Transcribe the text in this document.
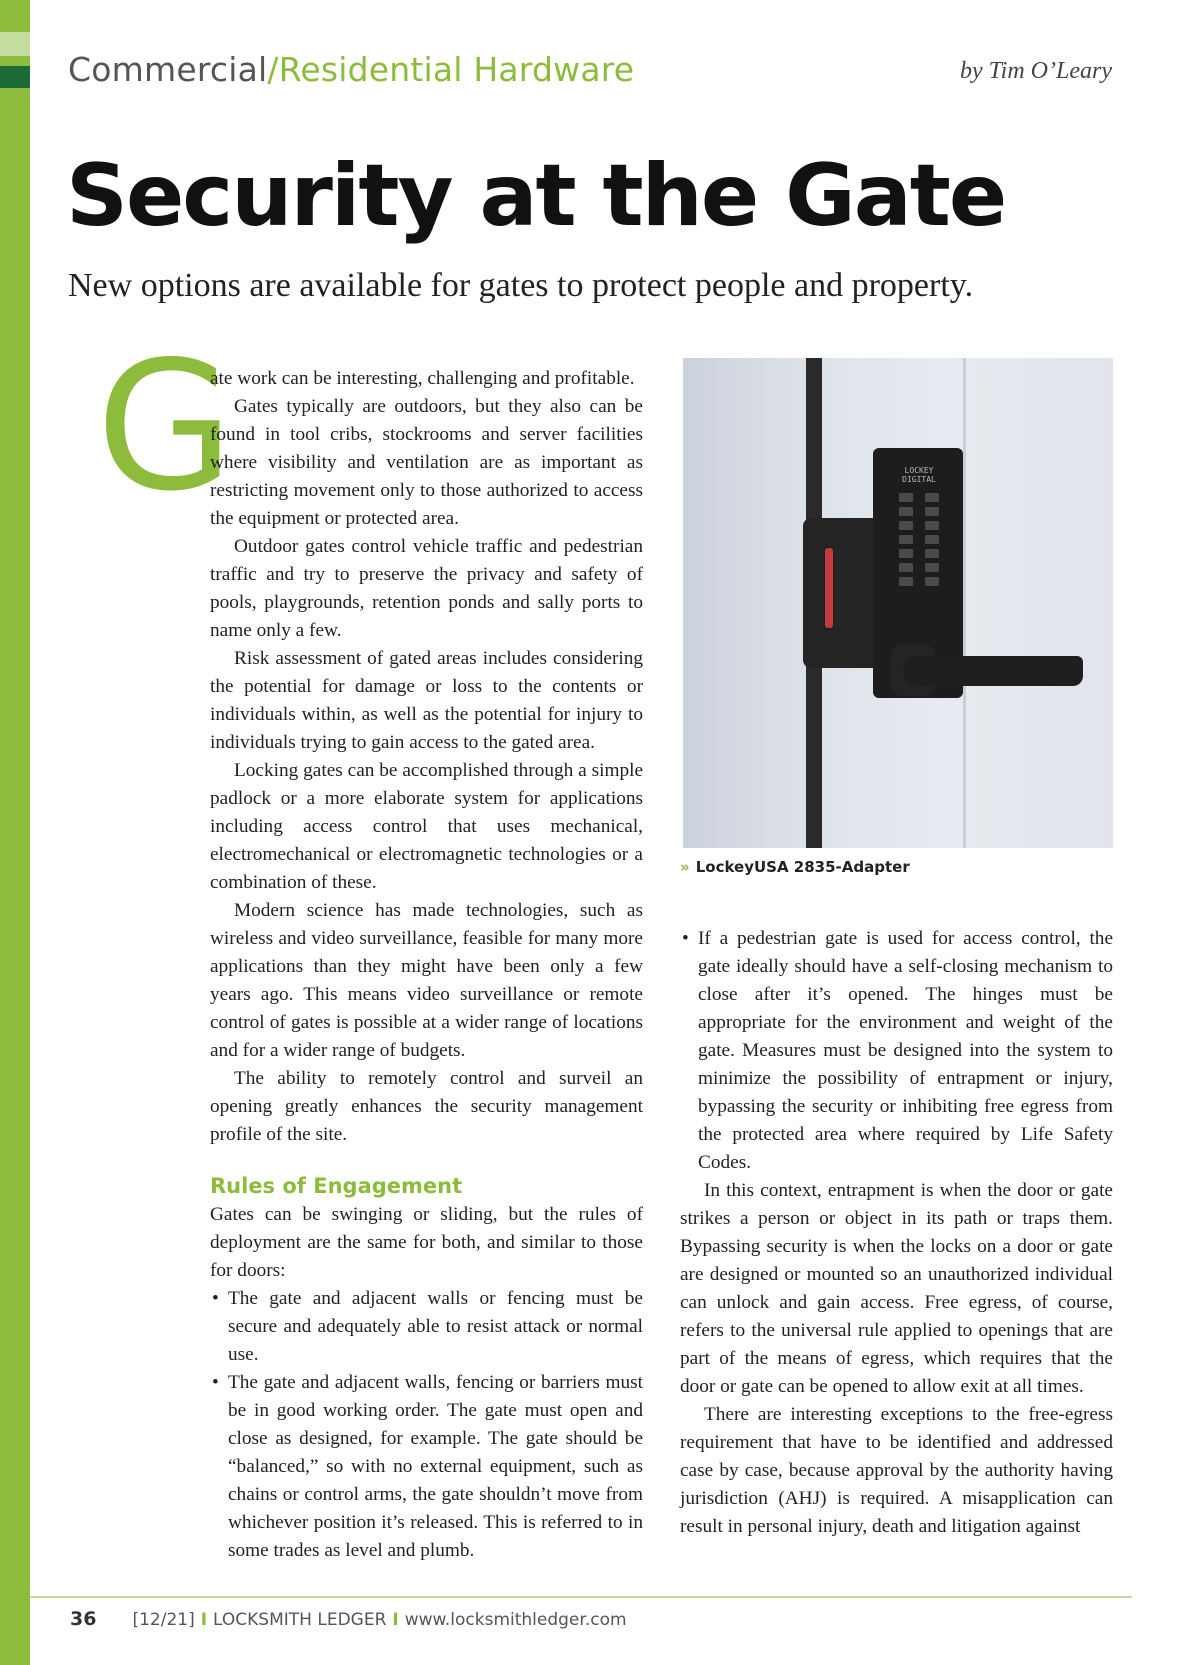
Commercial/Residential Hardware	by Tim O’Leary
Security at the Gate
New options are available for gates to protect people and property.
G

ate work can be interesting, challenging and profitable.

Gates typically are outdoors, but they also can be found in tool cribs, stockrooms and server facilities where visibility and ventilation are as important as restricting movement only to those authorized to access the equipment or protected area.

Outdoor gates control vehicle traffic and pedestrian traffic and try to preserve the privacy and safety of pools, playgrounds, retention ponds and sally ports to name only a few.

Risk assessment of gated areas includes considering the potential for damage or loss to the contents or individuals within, as well as the potential for injury to individuals trying to gain access to the gated area.

Locking gates can be accomplished through a simple padlock or a more elaborate system for applications including access control that uses mechanical, electromechanical or electromagnetic technologies or a combination of these.

Modern science has made technologies, such as wireless and video surveillance, feasible for many more applications than they might have been only a few years ago. This means video surveillance or remote control of gates is possible at a wider range of locations and for a wider range of budgets.

The ability to remotely control and surveil an opening greatly enhances the security management profile of the site.

Rules of Engagement

Gates can be swinging or sliding, but the rules of deployment are the same for both, and similar to those for doors:

• The gate and adjacent walls or fencing must be secure and adequately able to resist attack or normal use.
• The gate and adjacent walls, fencing or barriers must be in good working order. The gate must open and close as designed, for example. The gate should be “balanced,” so with no external equipment, such as chains or control arms, the gate shouldn’t move from whichever position it’s released. This is referred to in some trades as level and plumb.
LOCKEY
DIGITAL
» LockeyUSA 2835-Adapter
• If a pedestrian gate is used for access control, the gate ideally should have a self-closing mechanism to close after it’s opened. The hinges must be appropriate for the environment and weight of the gate. Measures must be designed into the system to minimize the possibility of entrapment or injury, bypassing the security or inhibiting free egress from the protected area where required by Life Safety Codes.

In this context, entrapment is when the door or gate strikes a person or object in its path or traps them. Bypassing security is when the locks on a door or gate are designed or mounted so an unauthorized individual can unlock and gain access. Free egress, of course, refers to the universal rule applied to openings that are part of the means of egress, which requires that the door or gate can be opened to allow exit at all times.

There are interesting exceptions to the free-egress requirement that have to be identified and addressed case by case, because approval by the authority having jurisdiction (AHJ) is required. A misapplication can result in personal injury, death and litigation against

36 [12/21] I LOCKSMITH LEDGER I www.locksmithledger.com
